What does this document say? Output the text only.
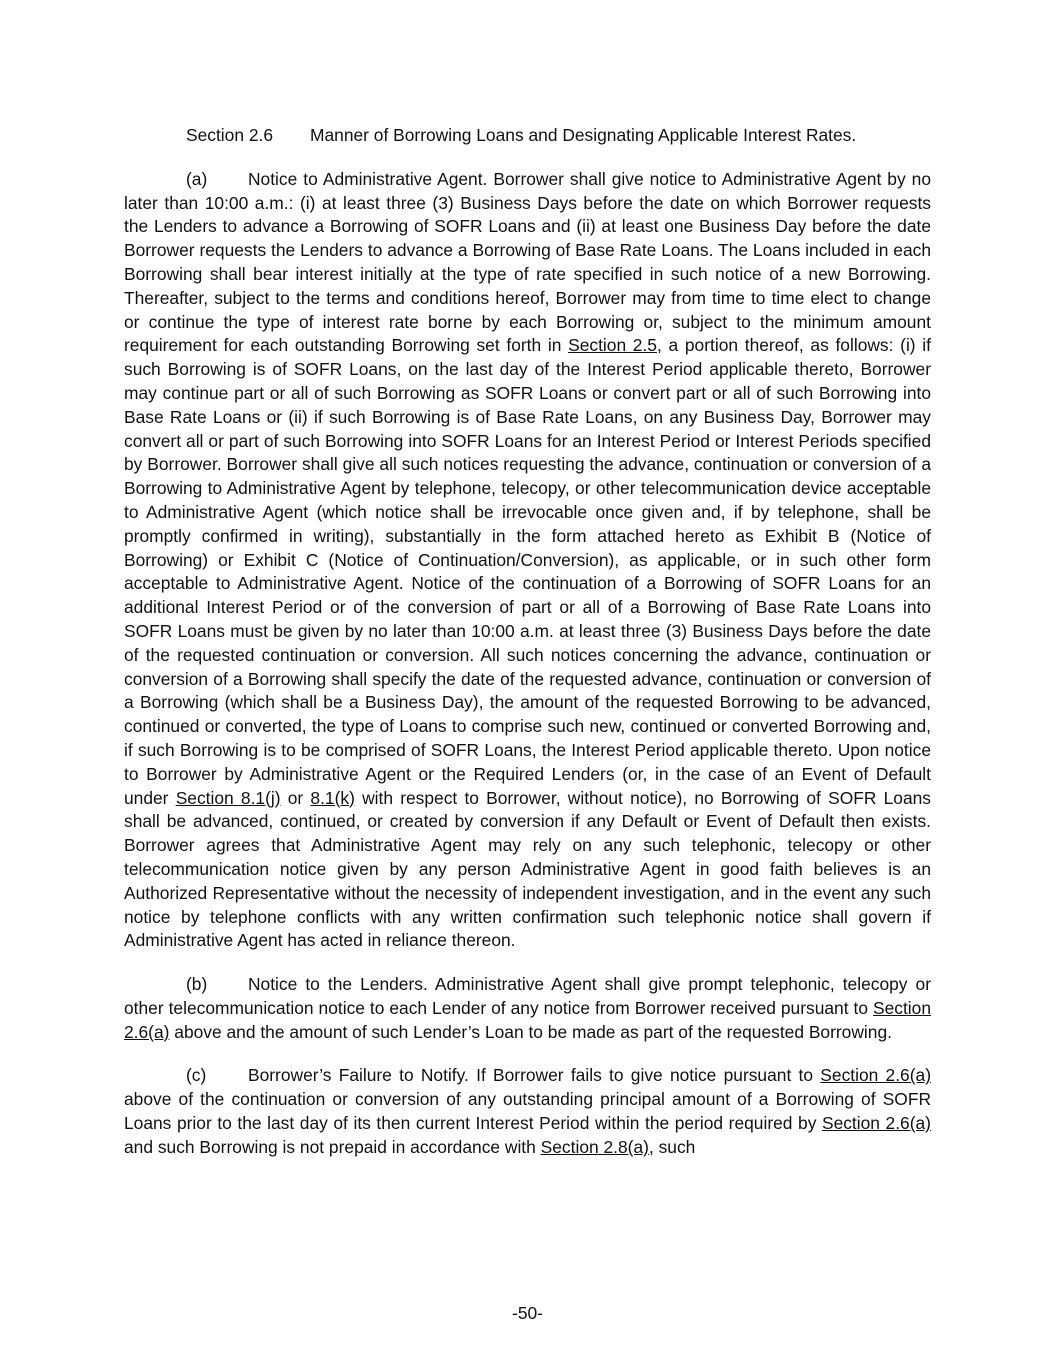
Section 2.6 Manner of Borrowing Loans and Designating Applicable Interest Rates.

(a) Notice to Administrative Agent. Borrower shall give notice to Administrative Agent by no later than 10:00 a.m.: (i) at least three (3) Business Days before the date on which Borrower requests the Lenders to advance a Borrowing of SOFR Loans and (ii) at least one Business Day before the date Borrower requests the Lenders to advance a Borrowing of Base Rate Loans. The Loans included in each Borrowing shall bear interest initially at the type of rate specified in such notice of a new Borrowing. Thereafter, subject to the terms and conditions hereof, Borrower may from time to time elect to change or continue the type of interest rate borne by each Borrowing or, subject to the minimum amount requirement for each outstanding Borrowing set forth in Section 2.5, a portion thereof, as follows: (i) if such Borrowing is of SOFR Loans, on the last day of the Interest Period applicable thereto, Borrower may continue part or all of such Borrowing as SOFR Loans or convert part or all of such Borrowing into Base Rate Loans or (ii) if such Borrowing is of Base Rate Loans, on any Business Day, Borrower may convert all or part of such Borrowing into SOFR Loans for an Interest Period or Interest Periods specified by Borrower. Borrower shall give all such notices requesting the advance, continuation or conversion of a Borrowing to Administrative Agent by telephone, telecopy, or other telecommunication device acceptable to Administrative Agent (which notice shall be irrevocable once given and, if by telephone, shall be promptly confirmed in writing), substantially in the form attached hereto as Exhibit B (Notice of Borrowing) or Exhibit C (Notice of Continuation/Conversion), as applicable, or in such other form acceptable to Administrative Agent. Notice of the continuation of a Borrowing of SOFR Loans for an additional Interest Period or of the conversion of part or all of a Borrowing of Base Rate Loans into SOFR Loans must be given by no later than 10:00 a.m. at least three (3) Business Days before the date of the requested continuation or conversion. All such notices concerning the advance, continuation or conversion of a Borrowing shall specify the date of the requested advance, continuation or conversion of a Borrowing (which shall be a Business Day), the amount of the requested Borrowing to be advanced, continued or converted, the type of Loans to comprise such new, continued or converted Borrowing and, if such Borrowing is to be comprised of SOFR Loans, the Interest Period applicable thereto. Upon notice to Borrower by Administrative Agent or the Required Lenders (or, in the case of an Event of Default under Section 8.1(j) or 8.1(k) with respect to Borrower, without notice), no Borrowing of SOFR Loans shall be advanced, continued, or created by conversion if any Default or Event of Default then exists. Borrower agrees that Administrative Agent may rely on any such telephonic, telecopy or other telecommunication notice given by any person Administrative Agent in good faith believes is an Authorized Representative without the necessity of independent investigation, and in the event any such notice by telephone conflicts with any written confirmation such telephonic notice shall govern if Administrative Agent has acted in reliance thereon.

(b) Notice to the Lenders. Administrative Agent shall give prompt telephonic, telecopy or other telecommunication notice to each Lender of any notice from Borrower received pursuant to Section 2.6(a) above and the amount of such Lender’s Loan to be made as part of the requested Borrowing.

(c) Borrower’s Failure to Notify. If Borrower fails to give notice pursuant to Section 2.6(a) above of the continuation or conversion of any outstanding principal amount of a Borrowing of SOFR Loans prior to the last day of its then current Interest Period within the period required by Section 2.6(a) and such Borrowing is not prepaid in accordance with Section 2.8(a), such

-50-
